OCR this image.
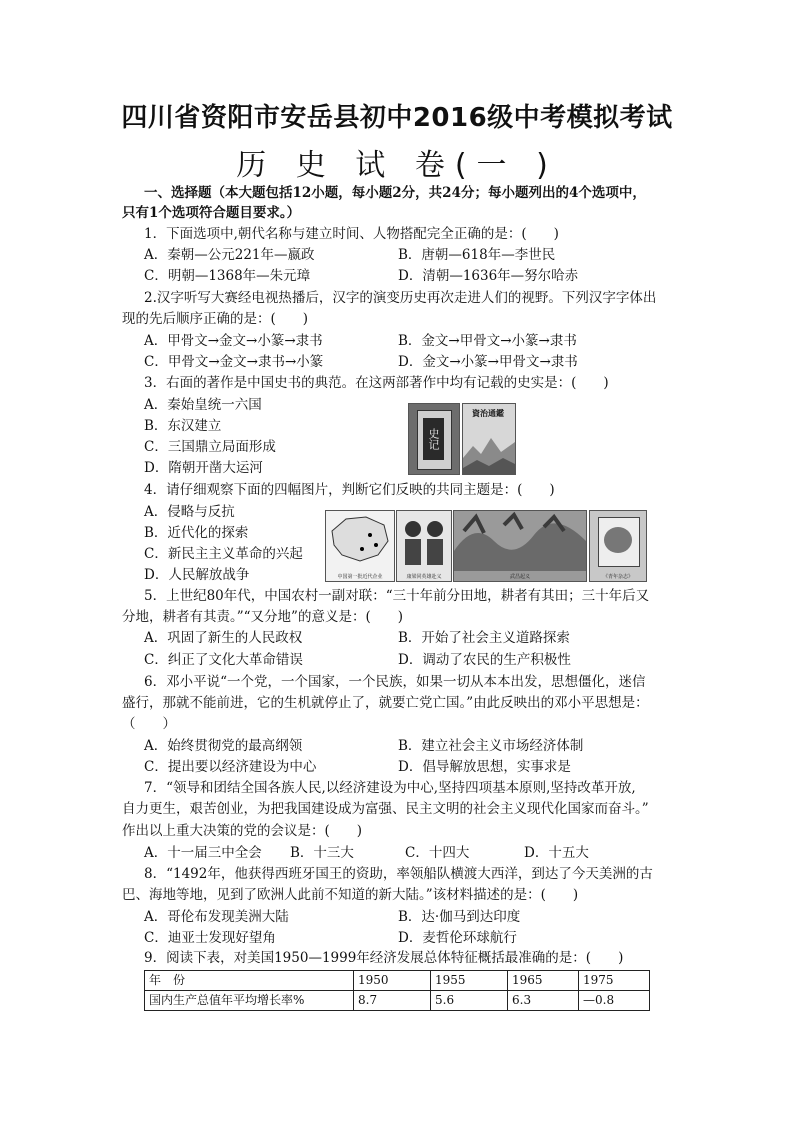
四川省资阳市安岳县初中2016级中考模拟考试
历 史 试 卷(一 )
一、选择题（本大题包括12小题，每小题2分，共24分；每小题列出的4个选项中，
只有1个选项符合题目要求。）
1．下面选项中,朝代名称与建立时间、人物搭配完全正确的是：(　　)
A．秦朝—公元221年—嬴政	B．唐朝—618年—李世民
C．明朝—1368年—朱元璋	D．清朝—1636年—努尔哈赤
2.汉字听写大赛经电视热播后，汉字的演变历史再次走进人们的视野。下列汉字字体出
现的先后顺序正确的是：(　　)
A．甲骨文→金文→小篆→隶书	B．金文→甲骨文→小篆→隶书
C．甲骨文→金文→隶书→小篆	D．金文→小篆→甲骨文→隶书
3．右面的著作是中国史书的典范。在这两部著作中均有记载的史实是：(　　)
A．秦始皇统一六国
B．东汉建立
C．三国鼎立局面形成
D．隋朝开凿大运河
史记
資治通鑑
4．请仔细观察下面的四幅图片，判断它们反映的共同主题是：(　　)
A．侵略与反抗
B．近代化的探索
C．新民主主义革命的兴起
D．人民解放战争	中国第一批近代企业	康梁同英雄赴义	武昌起义	《青年杂志》
5．上世纪80年代，中国农村一副对联：“三十年前分田地，耕者有其田；三十年后又
分地，耕者有其责。”“又分地”的意义是：(　　)
A．巩固了新生的人民政权	B．开始了社会主义道路探索
C．纠正了文化大革命错误	D．调动了农民的生产积极性
6．邓小平说“一个党，一个国家，一个民族，如果一切从本本出发，思想僵化，迷信
盛行，那就不能前进，它的生机就停止了，就要亡党亡国。”由此反映出的邓小平思想是：
（　　）
A．始终贯彻党的最高纲领	B．建立社会主义市场经济体制
C．提出要以经济建设为中心	D．倡导解放思想，实事求是
7．“领导和团结全国各族人民,以经济建设为中心,坚持四项基本原则,坚持改革开放,
自力更生，艰苦创业，为把我国建设成为富强、民主文明的社会主义现代化国家而奋斗。”
作出以上重大决策的党的会议是：(　　)
A．十一届三中全会 B．十三大	C．十四大	D．十五大
8．“1492年，他获得西班牙国王的资助，率领船队横渡大西洋，到达了今天美洲的古
巴、海地等地，见到了欧洲人此前不知道的新大陆。”该材料描述的是：(　　)
A．哥伦布发现美洲大陆	B．达·伽马到达印度
C．迪亚士发现好望角	D．麦哲伦环球航行
9．阅读下表，对美国1950—1999年经济发展总体特征概括最准确的是：(　　)
年　份	1950	1955	1965	1975
国内生产总值年平均增长率%	8.7	5.6	6.3	—0.8
